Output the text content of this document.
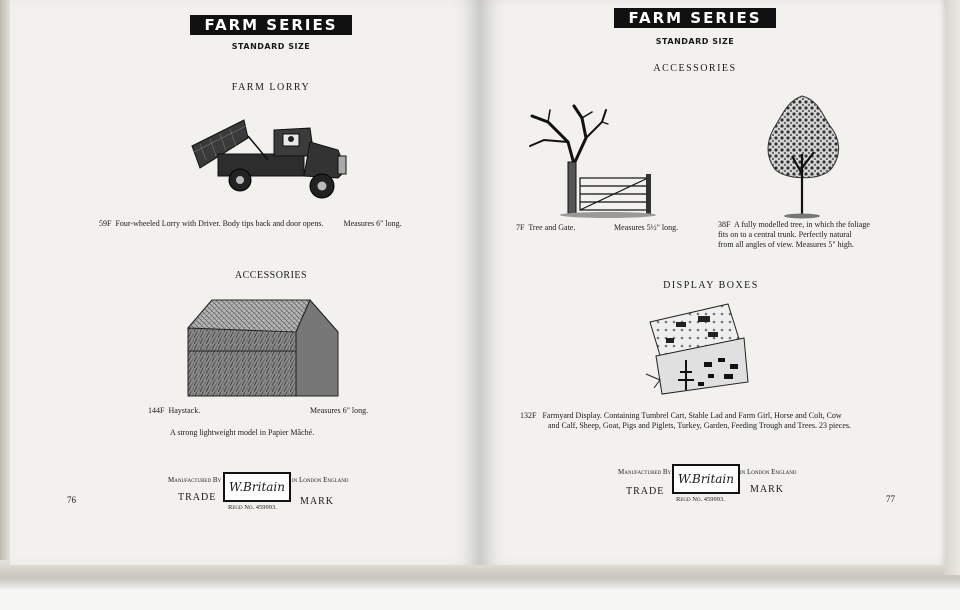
FARM SERIES
STANDARD SIZE
FARM LORRY
59F Four-wheeled Lorry with Driver. Body tips back and door opens.	Measures 6" long.
ACCESSORIES
144F Haystack.	Measures 6" long.
A strong lightweight model in Papier Mâché.
Manufactured By W.Britain	in London England
TRADE	MARK
Regd No. 459993.
76
FARM SERIES
STANDARD SIZE
ACCESSORIES
7F Tree and Gate.	Measures 5½" long.	38F A fully modelled tree, in which the foliage
fits on to a central trunk. Perfectly natural
from all angles of view. Measures 5" high.
DISPLAY BOXES
132F Farmyard Display. Containing Tumbrel Cart, Stable Lad and Farm Girl, Horse and Colt, Cow
and Calf, Sheep, Goat, Pigs and Piglets, Turkey, Garden, Feeding Trough and Trees. 23 pieces.
Manufactured By W.Britain in London England
TRADE	MARK
Regd No. 459993.	77
